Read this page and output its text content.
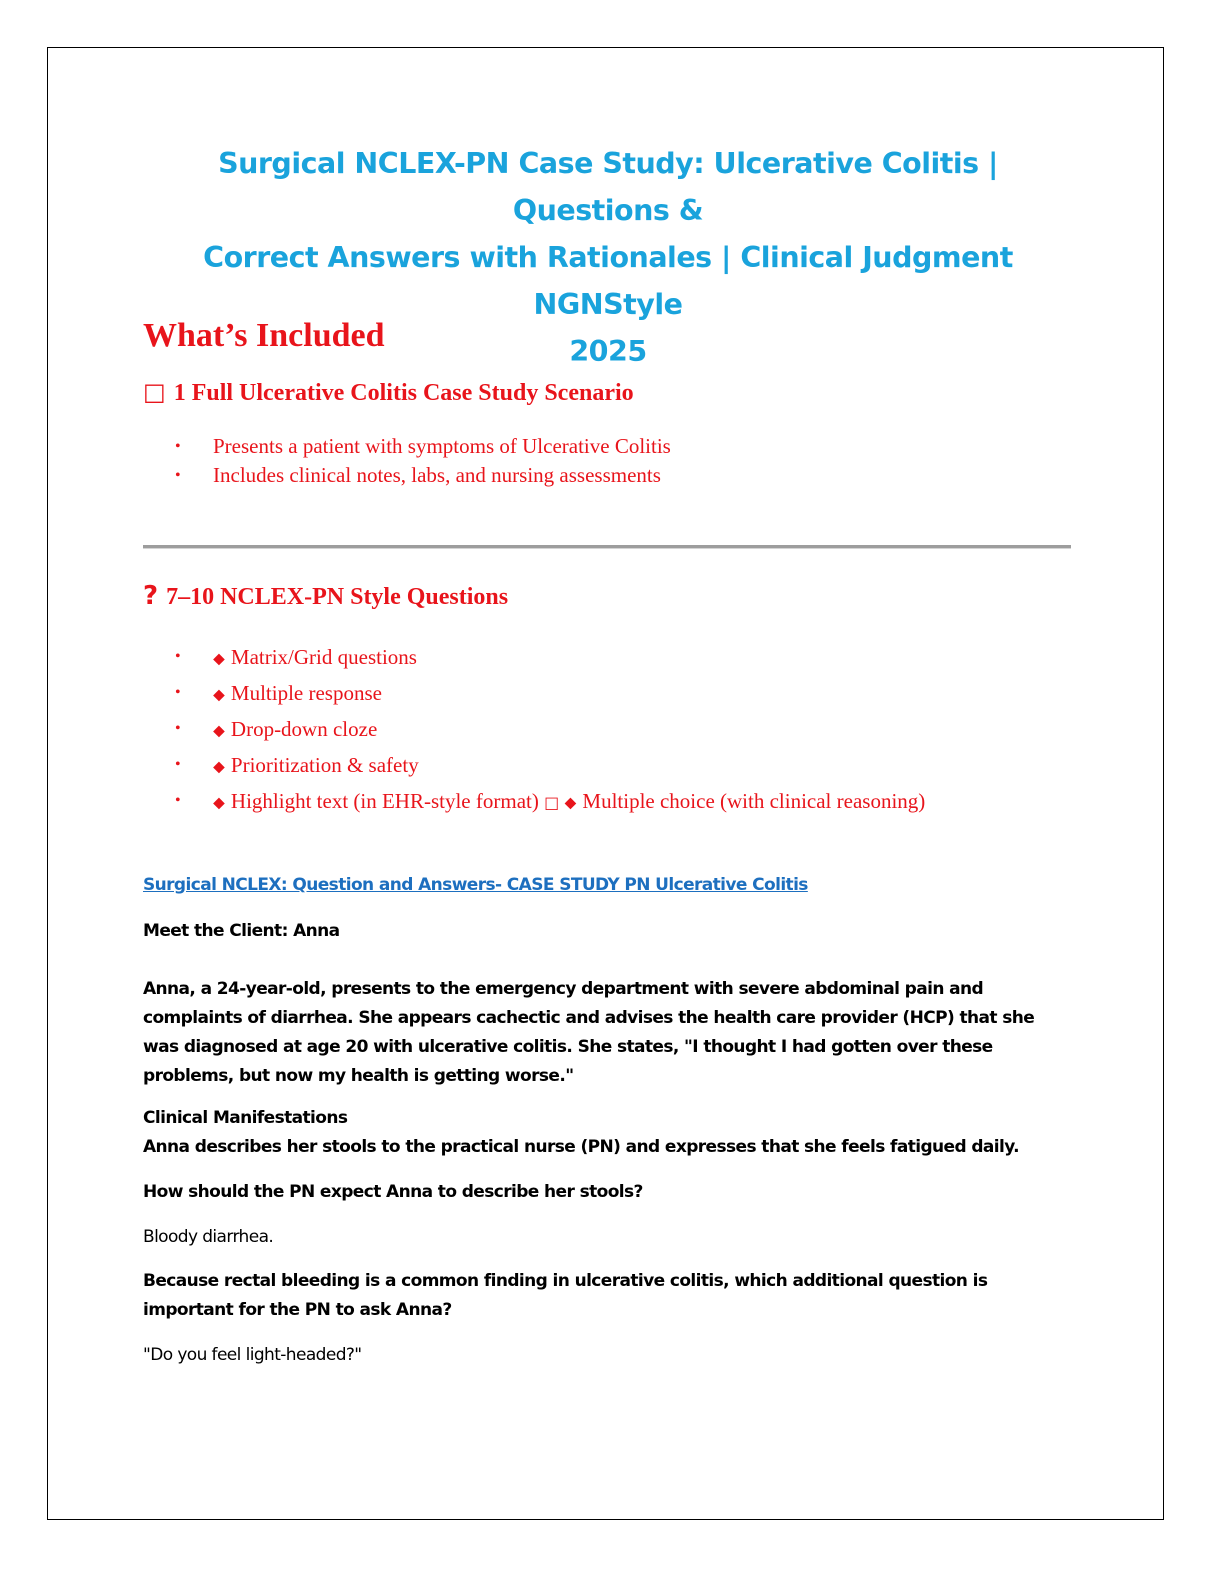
Surgical NCLEX-PN Case Study: Ulcerative Colitis | Questions &
Correct Answers with Rationales | Clinical Judgment NGNStyle
2025
What’s Included
□ 1 Full Ulcerative Colitis Case Study Scenario
• Presents a patient with symptoms of Ulcerative Colitis
• Includes clinical notes, labs, and nursing assessments
? 7–10 NCLEX-PN Style Questions
• ⬥ Matrix/Grid questions
• ⬥ Multiple response
• ⬥ Drop-down cloze
• ⬥ Prioritization & safety
• ⬥ Highlight text (in EHR-style format) □ ⬥ Multiple choice (with clinical reasoning)
Surgical NCLEX: Question and Answers- CASE STUDY PN Ulcerative Colitis

Meet the Client: Anna

Anna, a 24-year-old, presents to the emergency department with severe abdominal pain and complaints of diarrhea. She appears cachectic and advises the health care provider (HCP) that she was diagnosed at age 20 with ulcerative colitis. She states, "I thought I had gotten over these problems, but now my health is getting worse."

Clinical Manifestations

Anna describes her stools to the practical nurse (PN) and expresses that she feels fatigued daily.

How should the PN expect Anna to describe her stools?

Bloody diarrhea.

Because rectal bleeding is a common finding in ulcerative colitis, which additional question is important for the PN to ask Anna?

"Do you feel light-headed?"
